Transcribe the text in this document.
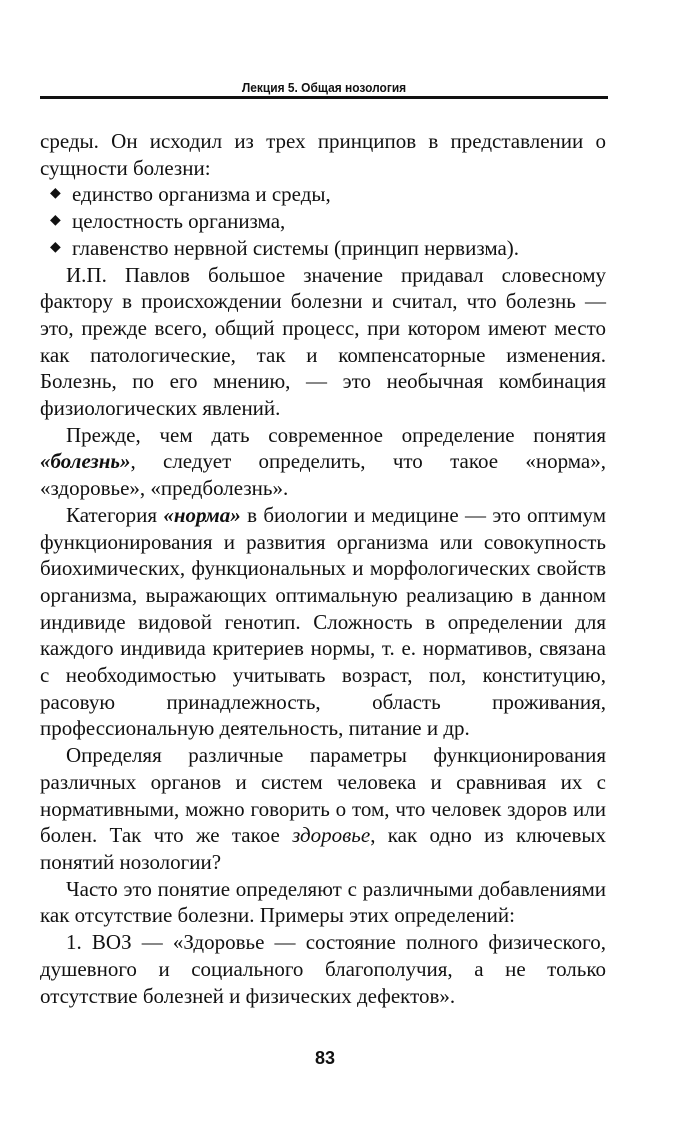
Лекция 5. Общая нозология

среды. Он исходил из трех принципов в представлении о сущности болезни:

◆ единство организма и среды,
◆ целостность организма,
◆ главенство нервной системы (принцип нервизма).

И.П. Павлов большое значение придавал словесному фактору в происхождении болезни и считал, что болезнь — это, прежде всего, общий процесс, при котором имеют место как патологические, так и компенсаторные изменения. Болезнь, по его мнению, — это необычная комбинация физиологических явлений.

Прежде, чем дать современное определение понятия «болезнь», следует определить, что такое «норма», «здоровье», «предболезнь».

Категория «норма» в биологии и медицине — это оптимум функционирования и развития организма или совокупность биохимических, функциональных и морфологических свойств организма, выражающих оптимальную реализацию в данном индивиде видовой генотип. Сложность в определении для каждого индивида критериев нормы, т. е. нормативов, связана с необходимостью учитывать возраст, пол, конституцию, расовую принадлежность, область проживания, профессиональную деятельность, питание и др.

Определяя различные параметры функционирования различных органов и систем человека и сравнивая их с нормативными, можно говорить о том, что человек здоров или болен. Так что же такое здоровье, как одно из ключевых понятий нозологии?

Часто это понятие определяют с различными добавлениями как отсутствие болезни. Примеры этих определений:

1. ВОЗ — «Здоровье — состояние полного физического, душевного и социального благополучия, а не только отсутствие болезней и физических дефектов».

83
